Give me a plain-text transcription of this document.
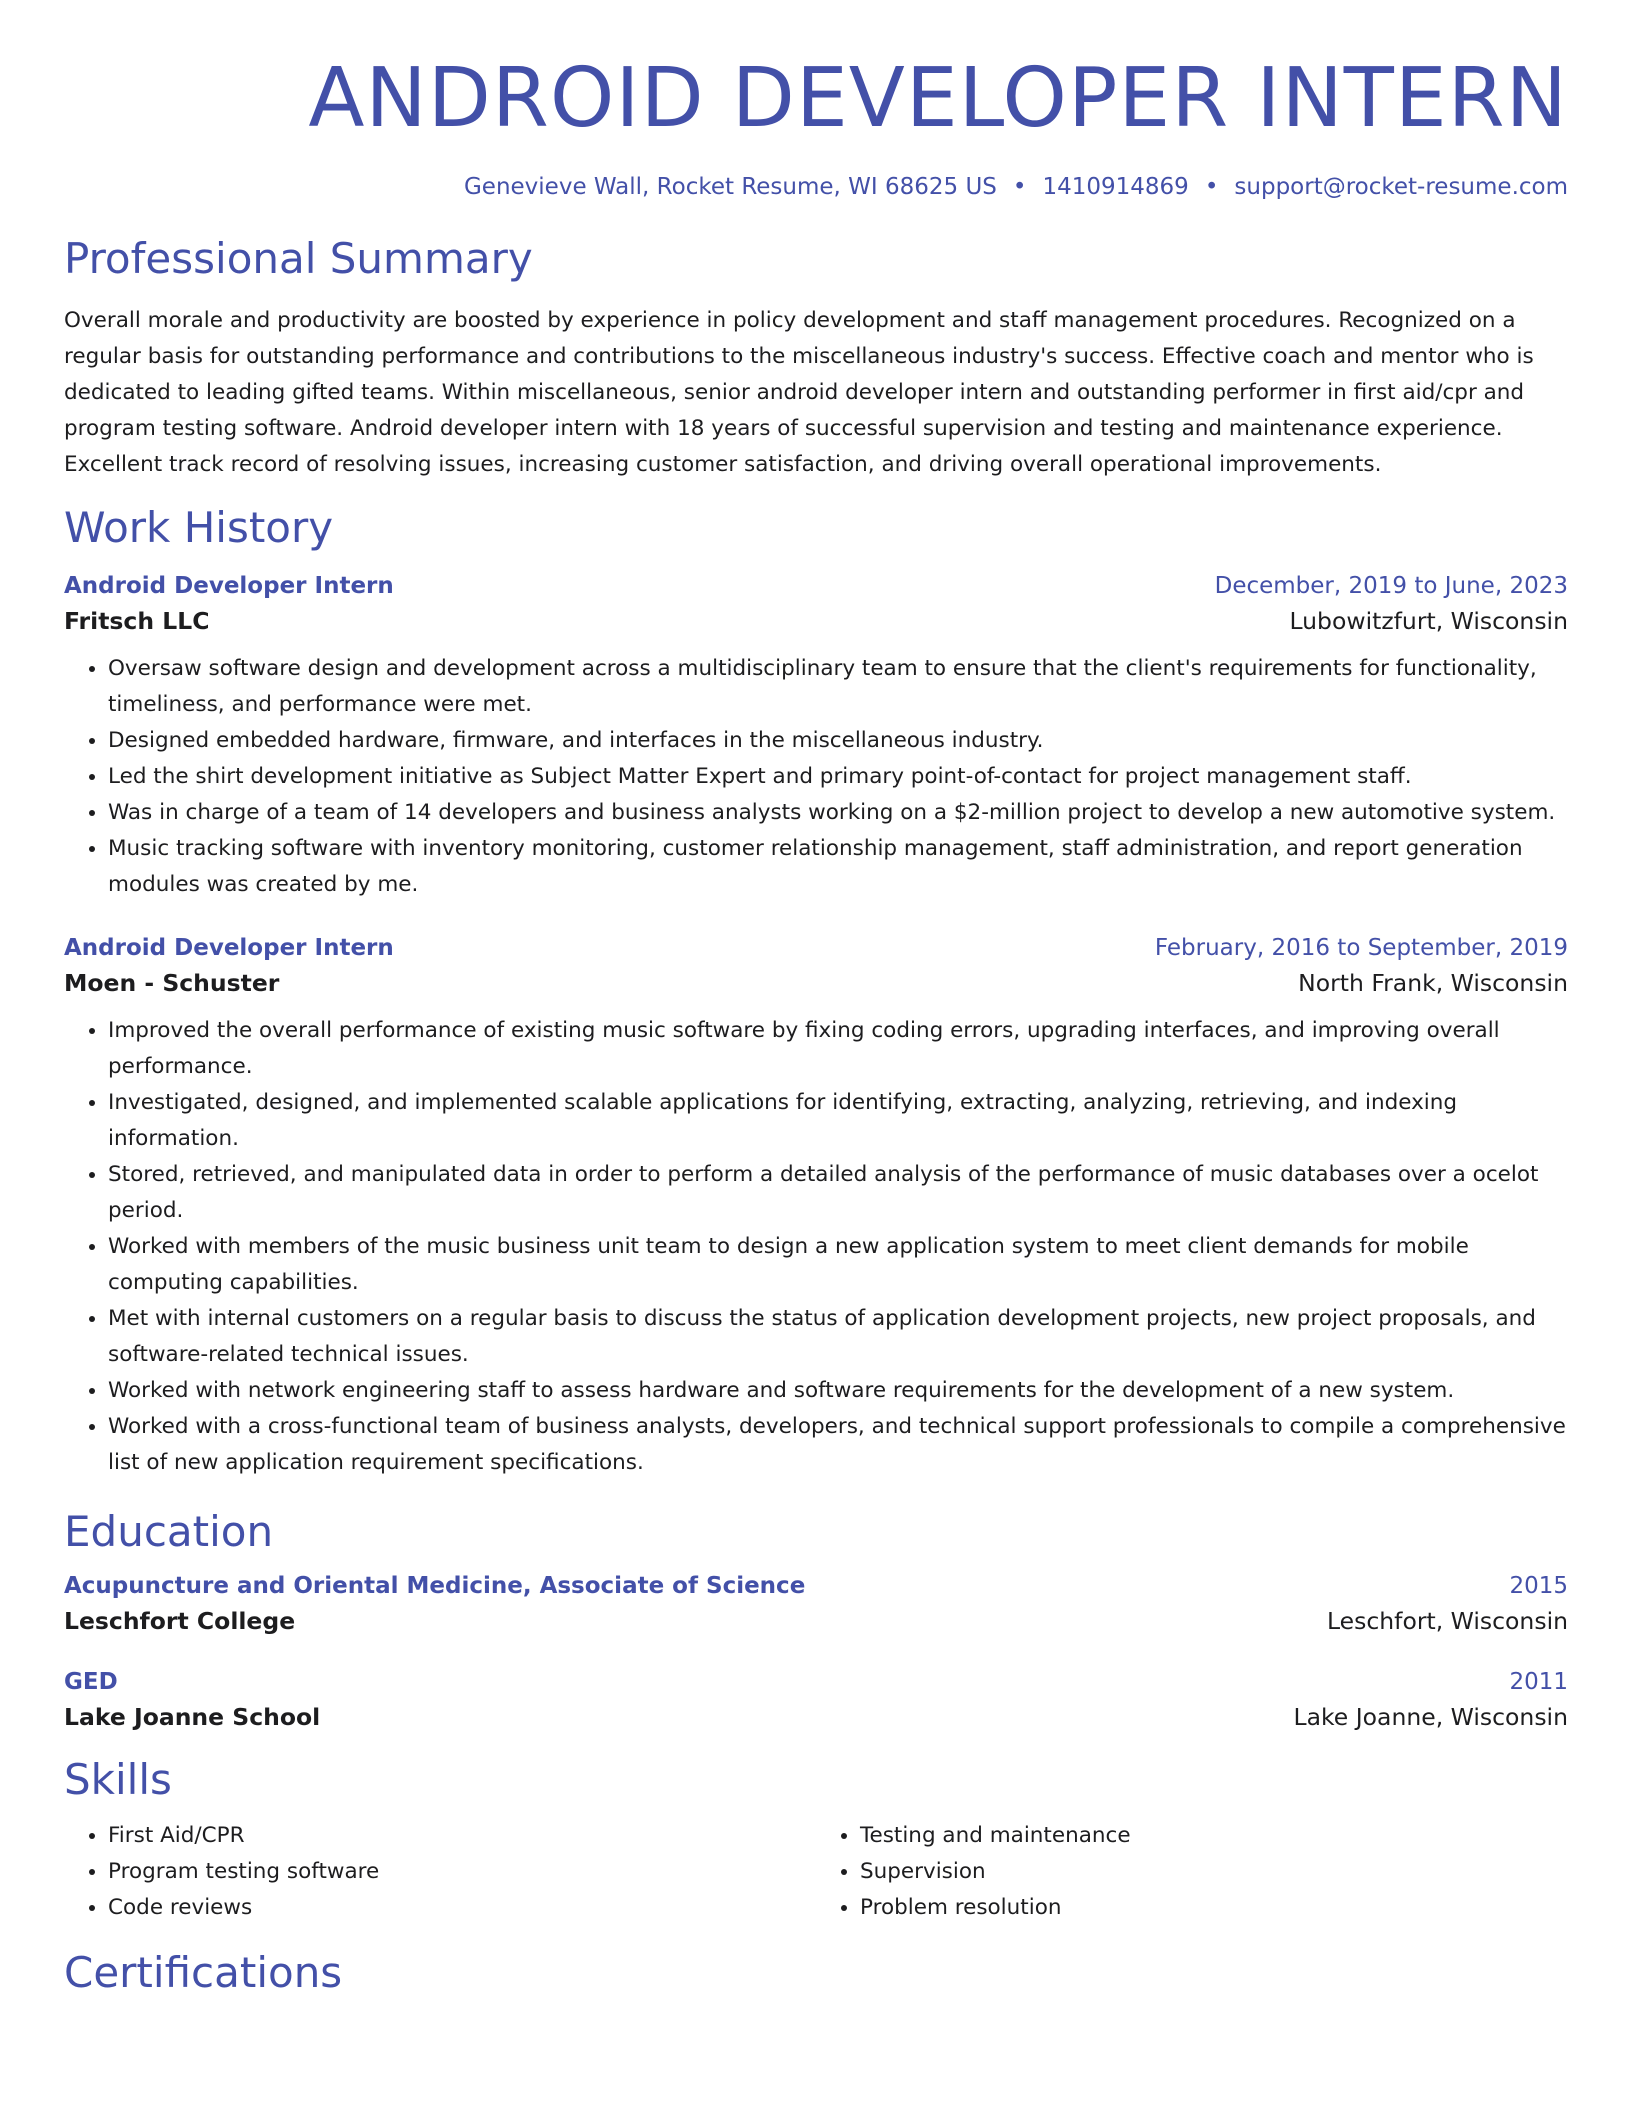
ANDROID DEVELOPER INTERN
Genevieve Wall, Rocket Resume, WI 68625 US • 1410914869 • support@rocket-resume.com
Professional Summary

Overall morale and productivity are boosted by experience in policy development and staff management procedures. Recognized on a regular basis for outstanding performance and contributions to the miscellaneous industry's success. Effective coach and mentor who is dedicated to leading gifted teams. Within miscellaneous, senior android developer intern and outstanding performer in first aid/cpr and program testing software. Android developer intern with 18 years of successful supervision and testing and maintenance experience. Excellent track record of resolving issues, increasing customer satisfaction, and driving overall operational improvements.

Work History
Android Developer Intern	December, 2019 to June, 2023
Fritsch LLC	Lubowitzfurt, Wisconsin
• Oversaw software design and development across a multidisciplinary team to ensure that the client's requirements for functionality, timeliness, and performance were met.
• Designed embedded hardware, firmware, and interfaces in the miscellaneous industry.
• Led the shirt development initiative as Subject Matter Expert and primary point-of-contact for project management staff.
• Was in charge of a team of 14 developers and business analysts working on a $2-million project to develop a new automotive system.
• Music tracking software with inventory monitoring, customer relationship management, staff administration, and report generation modules was created by me.
Android Developer Intern	February, 2016 to September, 2019
Moen - Schuster	North Frank, Wisconsin
• Improved the overall performance of existing music software by fixing coding errors, upgrading interfaces, and improving overall performance.
• Investigated, designed, and implemented scalable applications for identifying, extracting, analyzing, retrieving, and indexing information.
• Stored, retrieved, and manipulated data in order to perform a detailed analysis of the performance of music databases over a ocelot period.
• Worked with members of the music business unit team to design a new application system to meet client demands for mobile computing capabilities.
• Met with internal customers on a regular basis to discuss the status of application development projects, new project proposals, and software-related technical issues.
• Worked with network engineering staff to assess hardware and software requirements for the development of a new system.
• Worked with a cross-functional team of business analysts, developers, and technical support professionals to compile a comprehensive list of new application requirement specifications.
Education
Acupuncture and Oriental Medicine, Associate of Science	2015
Leschfort College	Leschfort, Wisconsin
GED	2011
Lake Joanne School	Lake Joanne, Wisconsin
Skills
• First Aid/CPR
• Program testing software
• Code reviews
• Testing and maintenance
• Supervision
• Problem resolution
Certifications
